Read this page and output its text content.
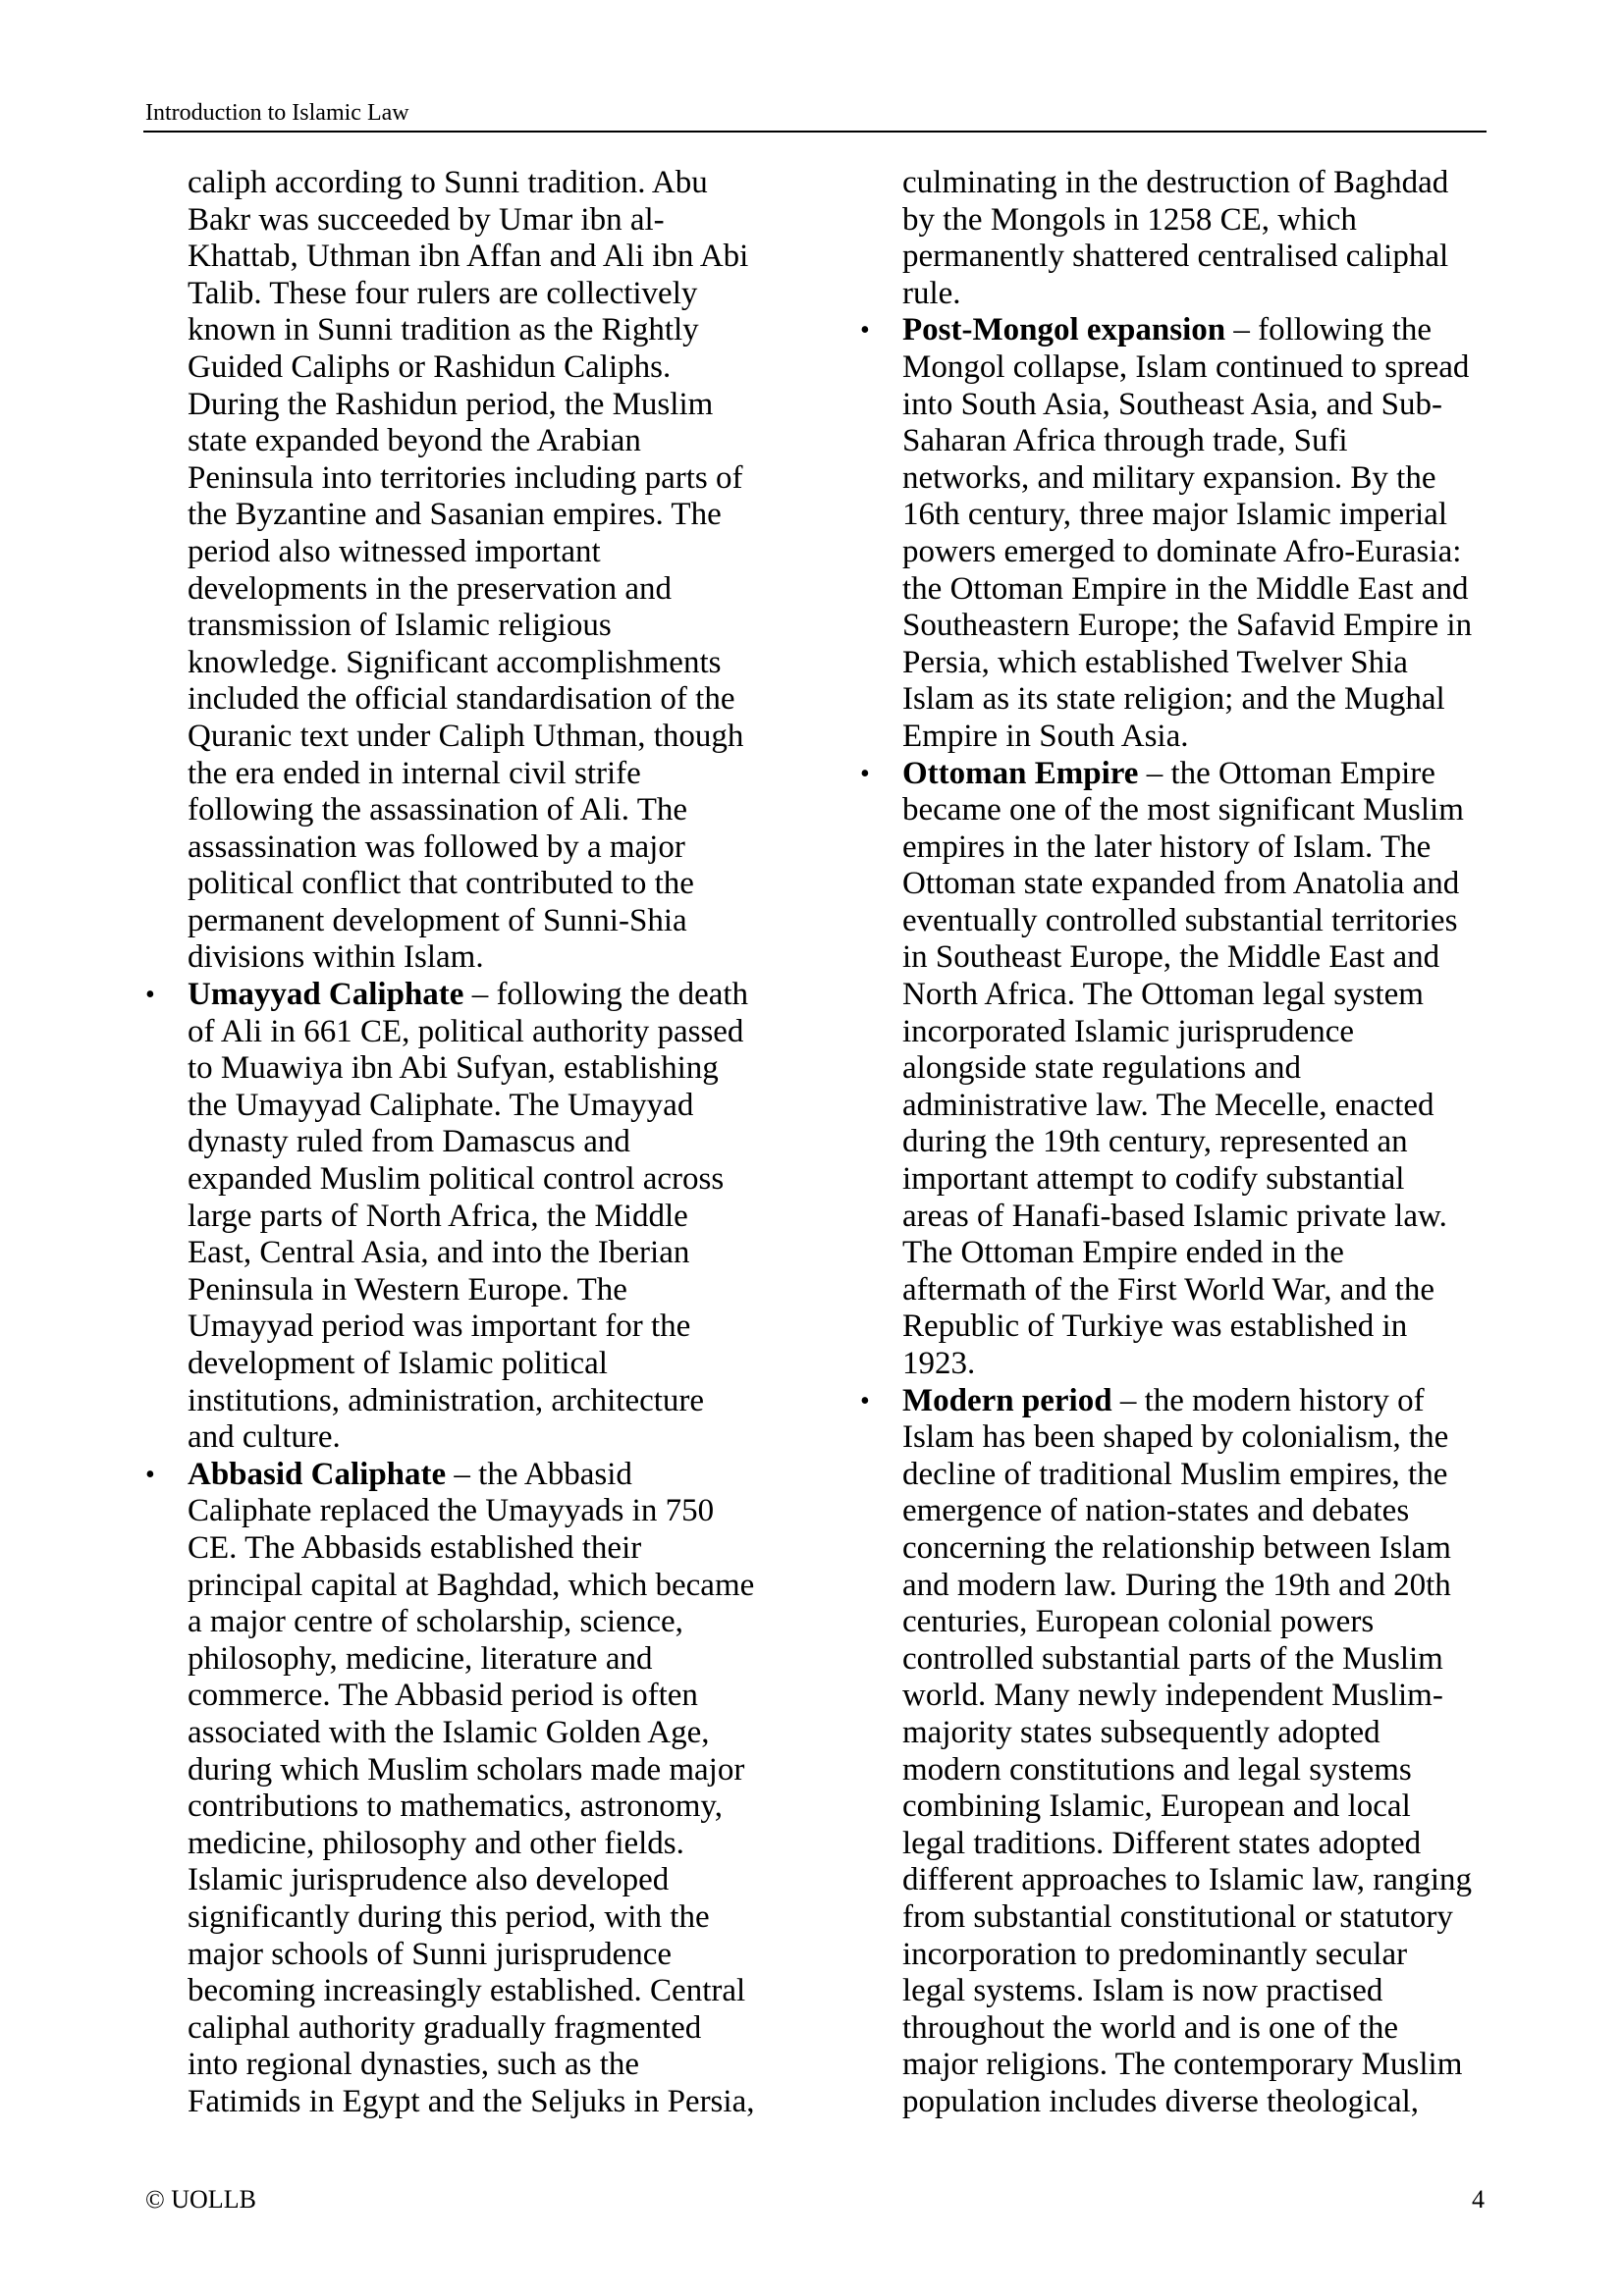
Introduction to Islamic Law
caliph according to Sunni tradition. Abu
Bakr was succeeded by Umar ibn al-
Khattab, Uthman ibn Affan and Ali ibn Abi
Talib. These four rulers are collectively
known in Sunni tradition as the Rightly
Guided Caliphs or Rashidun Caliphs.
During the Rashidun period, the Muslim
state expanded beyond the Arabian
Peninsula into territories including parts of
the Byzantine and Sasanian empires. The
period also witnessed important
developments in the preservation and
transmission of Islamic religious
knowledge. Significant accomplishments
included the official standardisation of the
Quranic text under Caliph Uthman, though
the era ended in internal civil strife
following the assassination of Ali. The
assassination was followed by a major
political conflict that contributed to the
permanent development of Sunni-Shia
divisions within Islam.
• Umayyad Caliphate – following the death
of Ali in 661 CE, political authority passed
to Muawiya ibn Abi Sufyan, establishing
the Umayyad Caliphate. The Umayyad
dynasty ruled from Damascus and
expanded Muslim political control across
large parts of North Africa, the Middle
East, Central Asia, and into the Iberian
Peninsula in Western Europe. The
Umayyad period was important for the
development of Islamic political
institutions, administration, architecture
and culture.
• Abbasid Caliphate – the Abbasid
Caliphate replaced the Umayyads in 750
CE. The Abbasids established their
principal capital at Baghdad, which became
a major centre of scholarship, science,
philosophy, medicine, literature and
commerce. The Abbasid period is often
associated with the Islamic Golden Age,
during which Muslim scholars made major
contributions to mathematics, astronomy,
medicine, philosophy and other fields.
Islamic jurisprudence also developed
significantly during this period, with the
major schools of Sunni jurisprudence
becoming increasingly established. Central
caliphal authority gradually fragmented
into regional dynasties, such as the
Fatimids in Egypt and the Seljuks in Persia,
culminating in the destruction of Baghdad
by the Mongols in 1258 CE, which
permanently shattered centralised caliphal
rule.
• Post-Mongol expansion – following the
Mongol collapse, Islam continued to spread
into South Asia, Southeast Asia, and Sub-
Saharan Africa through trade, Sufi
networks, and military expansion. By the
16th century, three major Islamic imperial
powers emerged to dominate Afro-Eurasia:
the Ottoman Empire in the Middle East and
Southeastern Europe; the Safavid Empire in
Persia, which established Twelver Shia
Islam as its state religion; and the Mughal
Empire in South Asia.
• Ottoman Empire – the Ottoman Empire
became one of the most significant Muslim
empires in the later history of Islam. The
Ottoman state expanded from Anatolia and
eventually controlled substantial territories
in Southeast Europe, the Middle East and
North Africa. The Ottoman legal system
incorporated Islamic jurisprudence
alongside state regulations and
administrative law. The Mecelle, enacted
during the 19th century, represented an
important attempt to codify substantial
areas of Hanafi-based Islamic private law.
The Ottoman Empire ended in the
aftermath of the First World War, and the
Republic of Turkiye was established in
1923.
• Modern period – the modern history of
Islam has been shaped by colonialism, the
decline of traditional Muslim empires, the
emergence of nation-states and debates
concerning the relationship between Islam
and modern law. During the 19th and 20th
centuries, European colonial powers
controlled substantial parts of the Muslim
world. Many newly independent Muslim-
majority states subsequently adopted
modern constitutions and legal systems
combining Islamic, European and local
legal traditions. Different states adopted
different approaches to Islamic law, ranging
from substantial constitutional or statutory
incorporation to predominantly secular
legal systems. Islam is now practised
throughout the world and is one of the
major religions. The contemporary Muslim
population includes diverse theological,
© UOLLB	4
